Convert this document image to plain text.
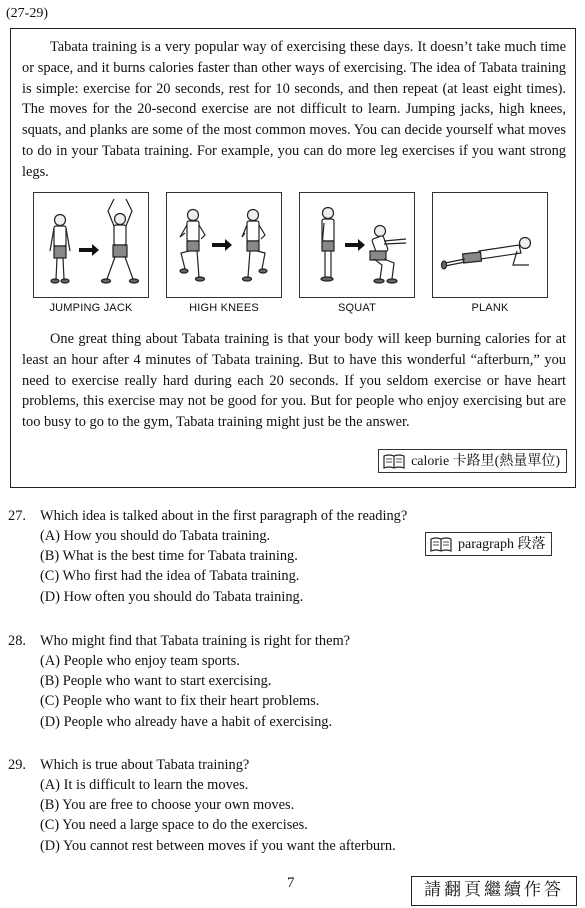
(27-29)

Tabata training is a very popular way of exercising these days. It doesn’t take much time or space, and it burns calories faster than other ways of exercising. The idea of Tabata training is simple: exercise for 20 seconds, rest for 10 seconds, and then repeat (at least eight times). The moves for the 20-second exercise are not difficult to learn. Jumping jacks, high knees, squats, and planks are some of the most common moves. You can decide yourself what moves to do in your Tabata training. For example, you can do more leg exercises if you want strong legs.

JUMPING JACK	HIGH KNEES	SQUAT	PLANK

One great thing about Tabata training is that your body will keep burning calories for at least an hour after 4 minutes of Tabata training. But to have this wonderful “afterburn,” you need to exercise really hard during each 20 seconds. If you seldom exercise or have heart problems, this exercise may not be good for you. But for people who enjoy exercising but are too busy to go to the gym, Tabata training might just be the answer.

calorie 卡路里(熱量單位)
paragraph 段落
27. Which idea is talked about in the first paragraph of the reading?
(A) How you should do Tabata training.
(B) What is the best time for Tabata training.
(C) Who first had the idea of Tabata training.
(D) How often you should do Tabata training.
28. Who might find that Tabata training is right for them?
(A) People who enjoy team sports.
(B) People who want to start exercising.
(C) People who want to fix their heart problems.
(D) People who already have a habit of exercising.
29. Which is true about Tabata training?
(A) It is difficult to learn the moves.
(B) You are free to choose your own moves.
(C) You need a large space to do the exercises.
(D) You cannot rest between moves if you want the afterburn.
7	請翻頁繼續作答
